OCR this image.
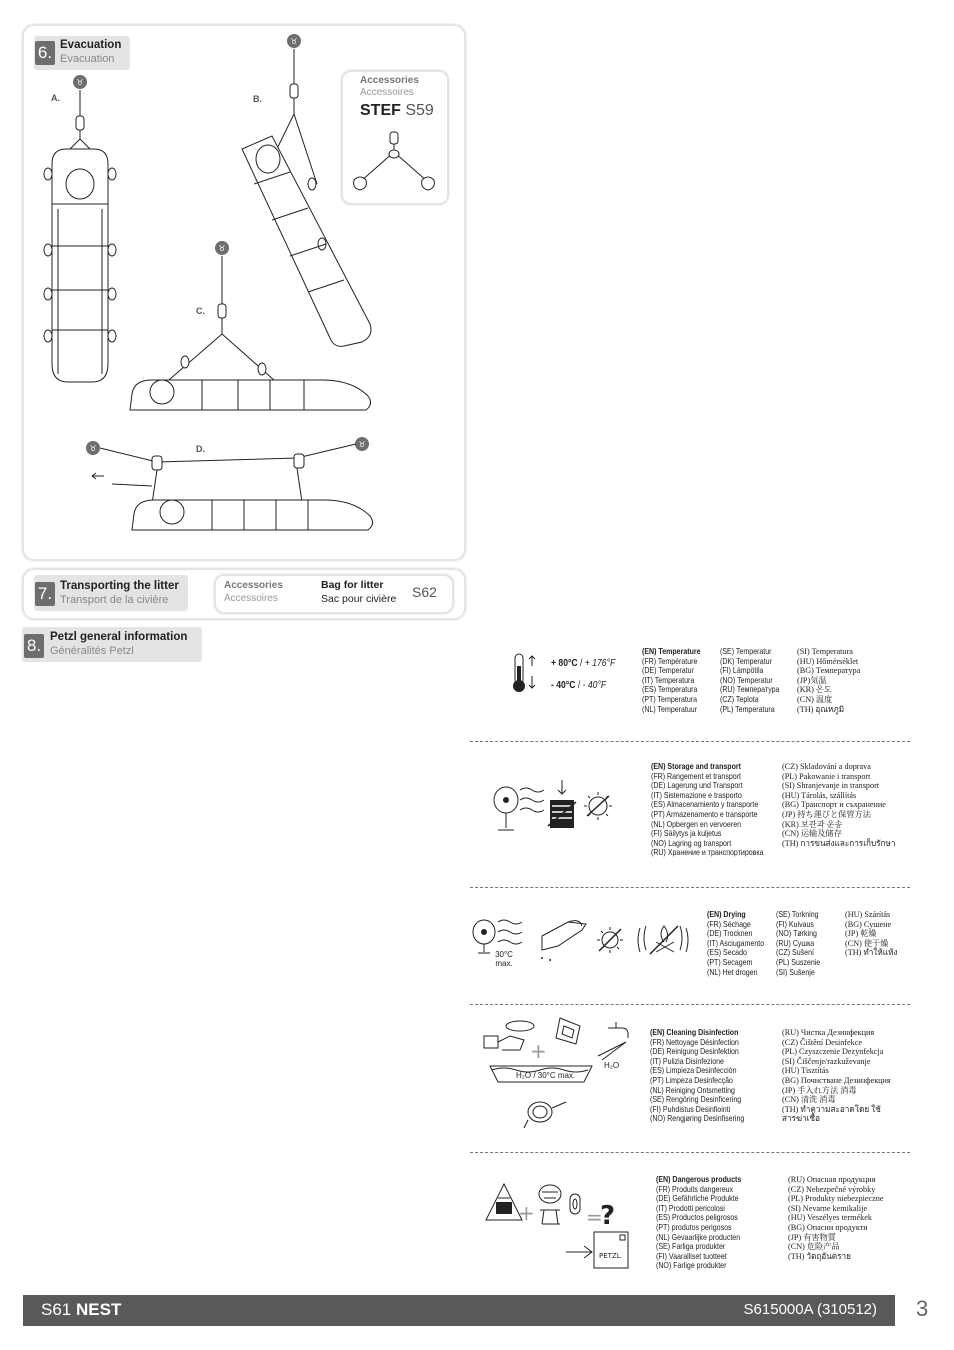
6. Evacuation
Evacuation
A.	B.
C.
D.
♉
♉
♉
♉	♉
Accessories
Accessoires
STEF S59
7. Transporting the litter
Transport de la civière
Accessories
Accessoires
Bag for litter
Sac pour civière S62
8. Petzl general information
Généralités Petzl
+ 80°C / + 176°F
- 40°C / - 40°F
(EN) Temperature
(FR) Température
(DE) Temperatur
(IT) Temperatura
(ES) Temperatura
(PT) Temperatura
(NL) Temperatuur
(SE) Temperatur
(DK) Temperatur
(FI) Lämpötila
(NO) Temperatur
(RU) Температура
(CZ) Teplota
(PL) Temperatura
(SI) Temperatura
(HU) Hőmérséklet
(BG) Температура
(JP)気温
(KR) 온도
(CN) 温度
(TH) อุณหภูมิ
(EN) Storage and transport
(FR) Rangement et transport
(DE) Lagerung und Transport
(IT) Sistemazione e trasporto
(ES) Almacenamiento y transporte
(PT) Armazenamento e transporte
(NL) Opbergen en vervoeren
(FI) Säilytys ja kuljetus
(NO) Lagring og transport
(RU) Хранение и транспортировка
(CZ) Skladování a doprava
(PL) Pakowanie i transport
(SI) Shranjevanje in transport
(HU) Tárolás, szállítás
(BG) Транспорт и съхранение
(JP) 持ち運びと保管方法
(KR) 보관과 운송
(CN) 运输及储存
(TH) การขนส่งและการเก็บรักษา
30°C
max.
(EN) Drying
(FR) Séchage
(DE) Trocknen
(IT) Asciugamento
(ES) Secado
(PT) Secagem
(NL) Het drogen
(SE) Torkning
(FI) Kuivaus
(NO) Tørking
(RU) Сушка
(CZ) Sušení
(PL) Suszenie
(SI) Sušenje
(HU) Szárítás
(BG) Сушене
(JP) 乾燥
(CN) 使干燥
(TH) ทำให้แห้ง
+
H₂O
H₂O / 30°C max.
(EN) Cleaning Disinfection
(FR) Nettoyage Désinfection
(DE) Reinigung Desinfektion
(IT) Pulizia Disinfezione
(ES) Limpieza Desinfección
(PT) Limpeza Desinfecção
(NL) Reiniging Ontsmetting
(SE) Rengöring Desinficering
(FI) Puhdistus Desinfiointi
(NO) Rengjøring Desinfisering
(RU) Чистка Дезинфекция
(CZ) Čištění Desinfekce
(PL) Czyszczenie Dezynfekcja
(SI) Čiščenje/razkuževanje
(HU) Tisztítás
(BG) Почистване Дезинфекция
(JP) 手入れ方法 消毒
(CN) 清洗 消毒
(TH) ทำความสะอาดโดย ใช้
สารฆ่าเชื้อ
+	=
?
PETZL
(EN) Dangerous products
(FR) Produits dangereux
(DE) Gefährliche Produkte
(IT) Prodotti pericolosi
(ES) Productos peligrosos
(PT) produtos perigosos
(NL) Gevaarlijke producten
(SE) Farliga produkter
(FI) Vaaralliset tuotteet
(NO) Farlige produkter
(RU) Опасная продукция
(CZ) Nebezpečné výrobky
(PL) Produkty niebezpieczne
(SI) Nevarne kemikalije
(HU) Veszélyes termékek
(BG) Опасни продукти
(JP) 有害物質
(CN) 危险产品
(TH) วัตถุอันตราย
S61 NEST	S615000A (310512) 3
